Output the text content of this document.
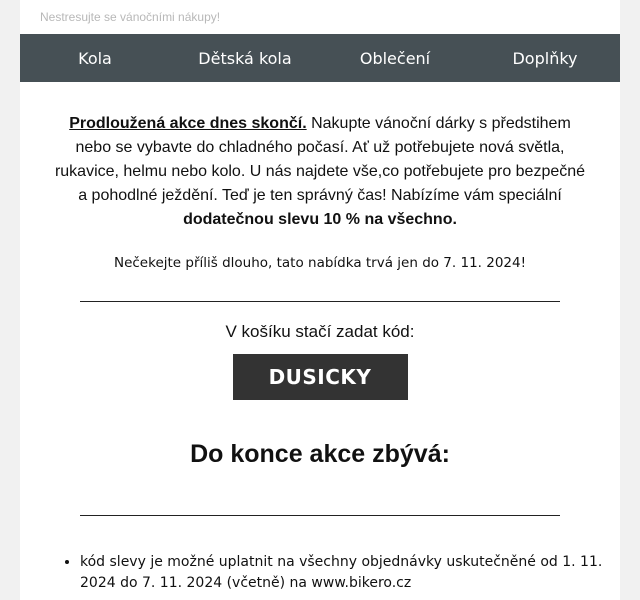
Nestresujte se vánočními nákupy!
Kola	Dětská kola	Oblečení	Doplňky
Prodloužená akce dnes skončí. Nakupte vánoční dárky s předstihem nebo se vybavte do chladného počasí. Ať už potřebujete nová světla, rukavice, helmu nebo kolo. U nás najdete vše,co potřebujete pro bezpečné a pohodlné ježdění. Teď je ten správný čas! Nabízíme vám speciální
dodatečnou slevu 10 % na všechno.
Nečekejte příliš dlouho, tato nabídka trvá jen do 7. 11. 2024!
V košíku stačí zadat kód:
DUSICKY
Do konce akce zbývá:
• kód slevy je možné uplatnit na všechny objednávky uskutečněné od 1. 11. 2024 do 7. 11. 2024 (včetně) na www.bikero.cz
